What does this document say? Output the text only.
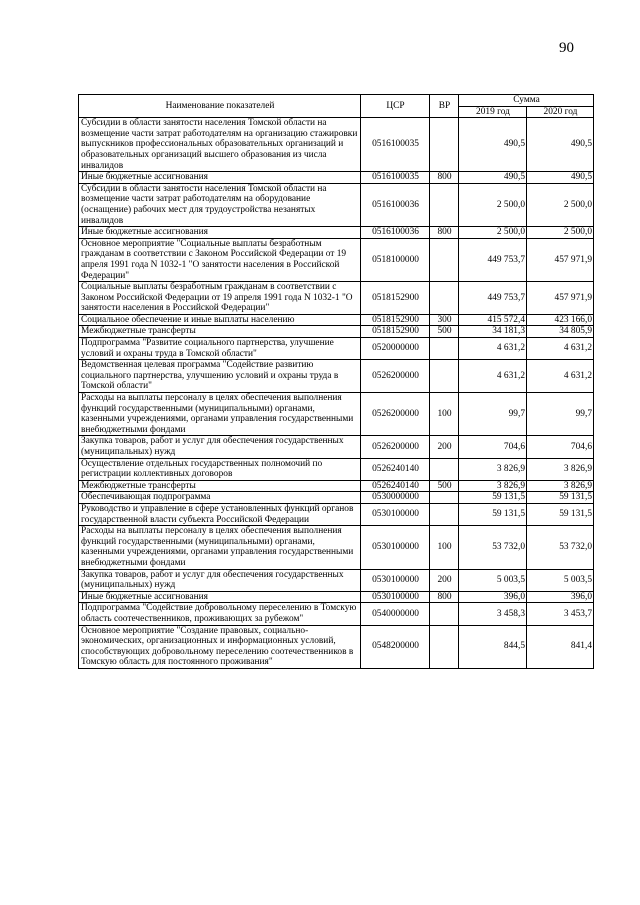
90
Наименование показателей	ЦСР	ВР	Сумма	
			2019 год	2020 год
Субсидии в области занятости населения Томской области на возмещение части затрат работодателям на организацию стажировки выпускников профессиональных образовательных организаций и образовательных организаций высшего образования из числа инвалидов	0516100035		490,5	490,5
Иные бюджетные ассигнования	0516100035	800	490,5	490,5
Субсидии в области занятости населения Томской области на возмещение части затрат работодателям на оборудование (оснащение) рабочих мест для трудоустройства незанятых инвалидов	0516100036		2 500,0	2 500,0
Иные бюджетные ассигнования	0516100036	800	2 500,0	2 500,0
Основное мероприятие "Социальные выплаты безработным гражданам в соответствии с Законом Российской Федерации от 19 апреля 1991 года N 1032-1 "О занятости населения в Российской Федерации"	0518100000		449 753,7	457 971,9
Социальные выплаты безработным гражданам в соответствии с Законом Российской Федерации от 19 апреля 1991 года N 1032-1 "О занятости населения в Российской Федерации"	0518152900		449 753,7	457 971,9
Социальное обеспечение и иные выплаты населению	0518152900	300	415 572,4	423 166,0
Межбюджетные трансферты	0518152900	500	34 181,3	34 805,9
Подпрограмма "Развитие социального партнерства, улучшение условий и охраны труда в Томской области"	0520000000		4 631,2	4 631,2
Ведомственная целевая программа "Содействие развитию социального партнерства, улучшению условий и охраны труда в Томской области"	0526200000		4 631,2	4 631,2
Расходы на выплаты персоналу в целях обеспечения выполнения функций государственными (муниципальными) органами, казенными учреждениями, органами управления государственными внебюджетными фондами	0526200000	100	99,7	99,7
Закупка товаров, работ и услуг для обеспечения государственных (муниципальных) нужд	0526200000	200	704,6	704,6
Осуществление отдельных государственных полномочий по регистрации коллективных договоров	0526240140		3 826,9	3 826,9
Межбюджетные трансферты	0526240140	500	3 826,9	3 826,9
Обеспечивающая подпрограмма	0530000000		59 131,5	59 131,5
Руководство и управление в сфере установленных функций органов государственной власти субъекта Российской Федерации	0530100000		59 131,5	59 131,5
Расходы на выплаты персоналу в целях обеспечения выполнения функций государственными (муниципальными) органами, казенными учреждениями, органами управления государственными внебюджетными фондами	0530100000	100	53 732,0	53 732,0
Закупка товаров, работ и услуг для обеспечения государственных (муниципальных) нужд	0530100000	200	5 003,5	5 003,5
Иные бюджетные ассигнования	0530100000	800	396,0	396,0
Подпрограмма "Содействие добровольному переселению в Томскую область соотечественников, проживающих за рубежом"	0540000000		3 458,3	3 453,7
Основное мероприятие "Создание правовых, социально-экономических, организационных и информационных условий, способствующих добровольному переселению соотечественников в Томскую область для постоянного проживания"	0548200000		844,5	841,4
